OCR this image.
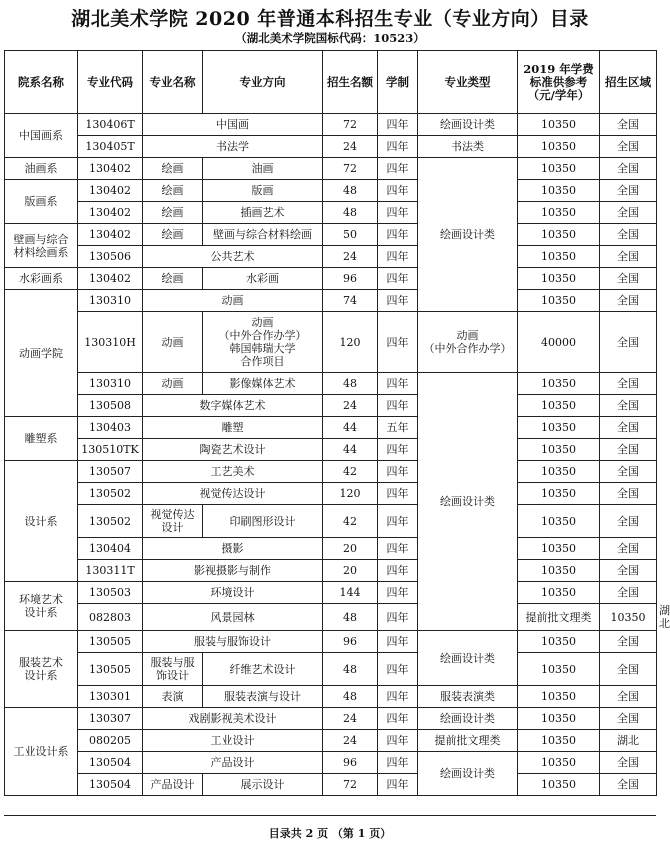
湖北美术学院 2020 年普通本科招生专业（专业方向）目录
（湖北美术学院国标代码：10523）
院系名称	专业代码	专业名称	专业方向	招生名额	学制	专业类型	2019 年学费
标准供参考
（元/学年）	招生区域	
中国画系	130406T	中国画		72	四年	绘画设计类	10350	全国	
	130405T	书法学		24	四年	书法类	10350	全国	
油画系	130402	绘画	油画	72	四年	绘画设计类	10350	全国	
版画系	130402	绘画	版画	48	四年		10350	全国	
	130402	绘画	插画艺术	48	四年		10350	全国	
壁画与综合
材料绘画系	130402	绘画	壁画与综合材料绘画	50	四年		10350	全国	
	130506	公共艺术		24	四年		10350	全国	
水彩画系	130402	绘画	水彩画	96	四年		10350	全国	
动画学院	130310	动画		74	四年		10350	全国	
	130310H	动画	动画
（中外合作办学）
韩国韩瑞大学
合作项目	120	四年	动画
（中外合作办学）	40000	全国	
	130310	动画	影像媒体艺术	48	四年	绘画设计类	10350	全国	
	130508	数字媒体艺术		24	四年		10350	全国	
雕塑系	130403	雕塑		44	五年		10350	全国	
	130510TK	陶瓷艺术设计		44	四年		10350	全国	
设计系	130507	工艺美术		42	四年		10350	全国	
	130502	视觉传达设计		120	四年		10350	全国	
	130502	视觉传达
设计	印刷图形设计	42	四年		10350	全国	
	130404	摄影		20	四年		10350	全国	
	130311T	影视摄影与制作		20	四年		10350	全国	
环境艺术
设计系	130503	环境设计		144	四年		10350	全国	
	082803	风景园林		48	四年		提前批文理类	10350	湖北
服装艺术
设计系	130505	服装与服饰设计		96	四年	绘画设计类	10350	全国	
	130505	服装与服
饰设计	纤维艺术设计	48	四年		10350	全国	
	130301	表演	服装表演与设计	48	四年	服装表演类	10350	全国	
工业设计系	130307	戏剧影视美术设计		24	四年	绘画设计类	10350	全国	
	080205	工业设计		24	四年	提前批文理类	10350	湖北	
	130504	产品设计		96	四年	绘画设计类	10350	全国	
	130504	产品设计	展示设计	72	四年		10350	全国	
目录共 2 页 （第 1 页）
